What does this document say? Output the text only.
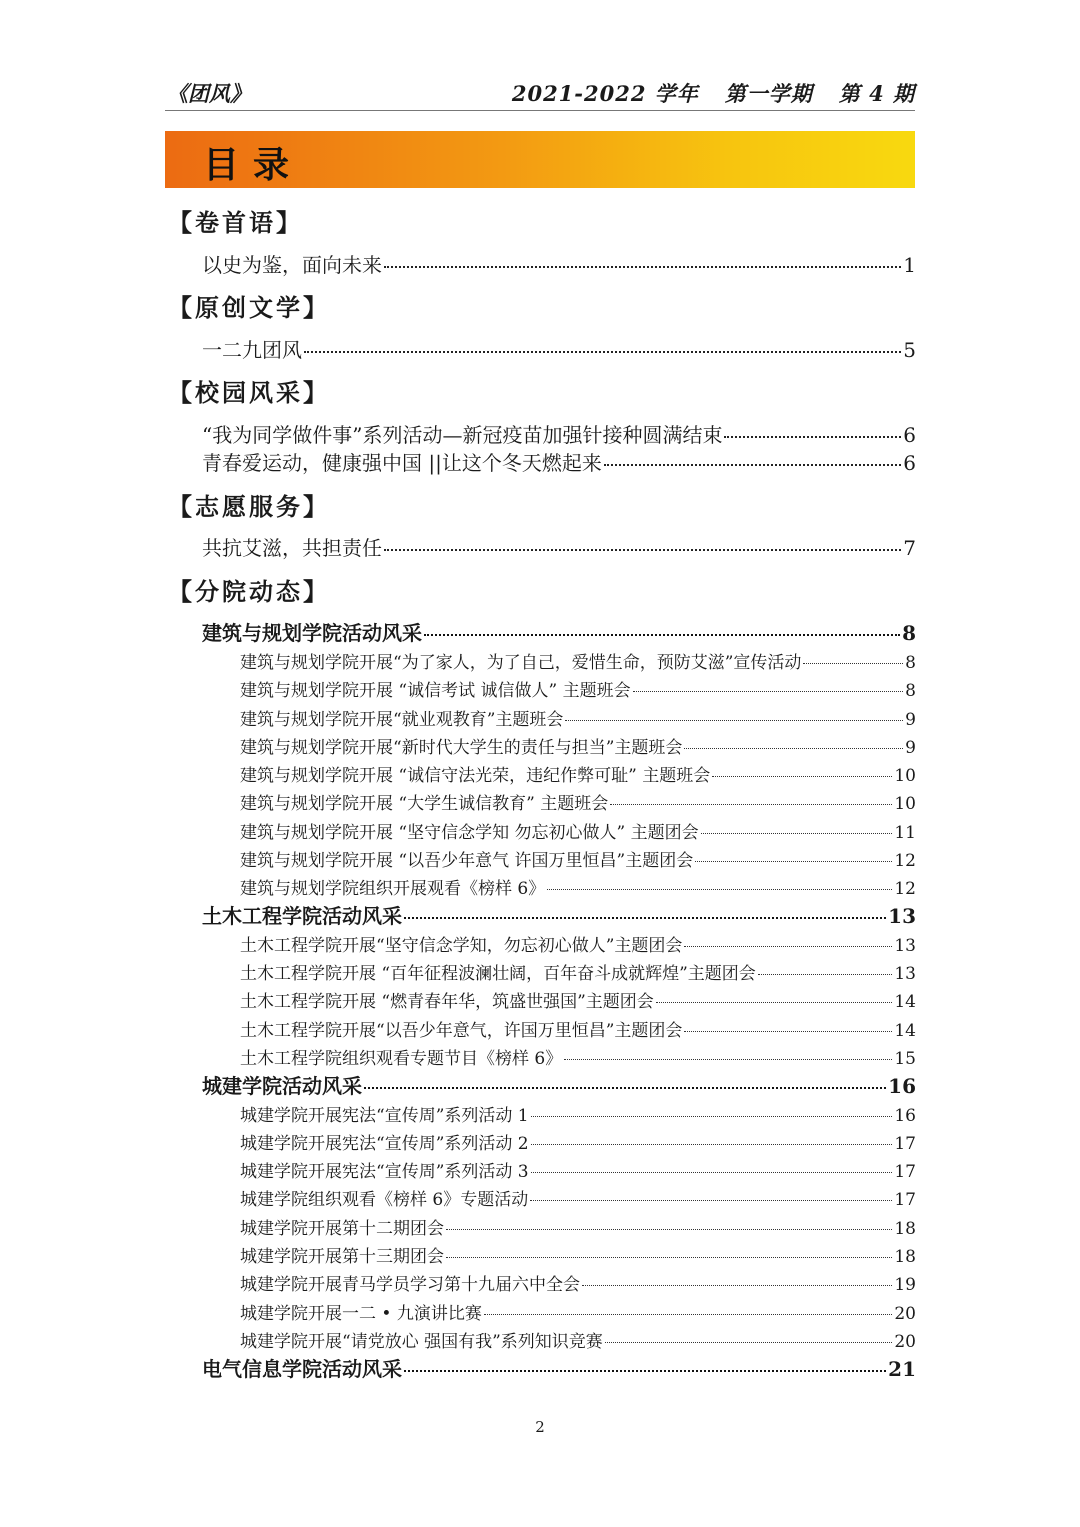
《团风》	2021-2022 学年 第一学期 第 4 期
目录
【卷首语】
以史为鉴，面向未来	1
【原创文学】
一二九团风	5
【校园风采】
“我为同学做件事”系列活动—新冠疫苗加强针接种圆满结束	6
青春爱运动，健康强中国 ||让这个冬天燃起来	6
【志愿服务】
共抗艾滋，共担责任	7
【分院动态】
建筑与规划学院活动风采	8
建筑与规划学院开展“为了家人，为了自己，爱惜生命，预防艾滋”宣传活动	8
建筑与规划学院开展 “诚信考试 诚信做人” 主题班会	8
建筑与规划学院开展“就业观教育”主题班会	9
建筑与规划学院开展“新时代大学生的责任与担当”主题班会	9
建筑与规划学院开展 “诚信守法光荣，违纪作弊可耻” 主题班会	10
建筑与规划学院开展 “大学生诚信教育” 主题班会	10
建筑与规划学院开展 “坚守信念学知 勿忘初心做人” 主题团会	11
建筑与规划学院开展 “以吾少年意气 许国万里恒昌”主题团会	12
建筑与规划学院组织开展观看《榜样 6》	12
土木工程学院活动风采	13
土木工程学院开展“坚守信念学知，勿忘初心做人”主题团会	13
土木工程学院开展 “百年征程波澜壮阔，百年奋斗成就辉煌”主题团会	13
土木工程学院开展 “燃青春年华，筑盛世强国”主题团会	14
土木工程学院开展“以吾少年意气，许国万里恒昌”主题团会	14
土木工程学院组织观看专题节目《榜样 6》	15
城建学院活动风采	16
城建学院开展宪法“宣传周”系列活动 1	16
城建学院开展宪法“宣传周”系列活动 2	17
城建学院开展宪法“宣传周”系列活动 3	17
城建学院组织观看《榜样 6》专题活动	17
城建学院开展第十二期团会	18
城建学院开展第十三期团会	18
城建学院开展青马学员学习第十九届六中全会	19
城建学院开展一二 • 九演讲比赛	20
城建学院开展“请党放心 强国有我”系列知识竞赛	20
电气信息学院活动风采	21
2
